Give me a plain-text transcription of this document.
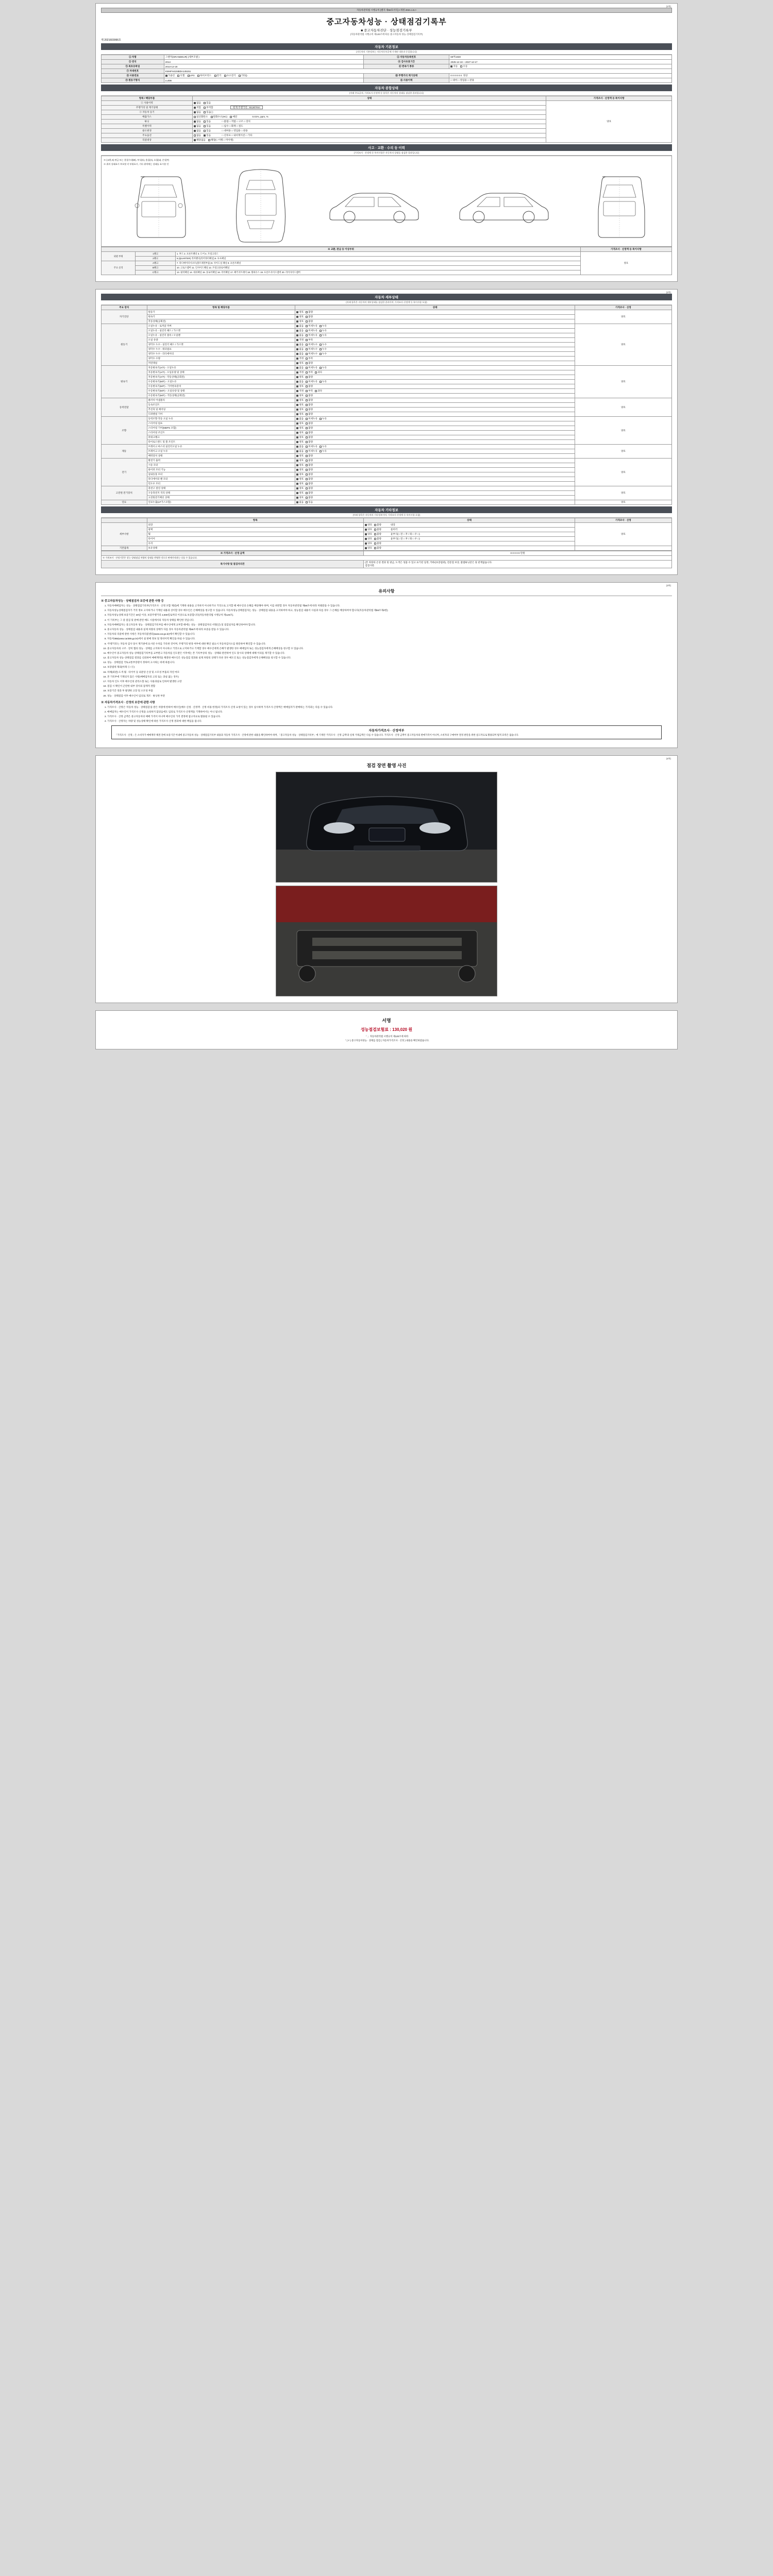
자동차관리법 시행규칙 [별지 제82호서식] <개정 2021.1.5.>
(1쪽)
중고자동차성능 · 상태점검기록부
■ 중고자동차진단 · 성능점검기록부
(자동차관리법 시행규칙 제120조에 따른 중고자동차 성능·상태점검기록부)
제 2021603066호
자동차 기본정보
(자동차의 기본정보는 자동차등록증에 기재된 내용과 동일합니다)
① 차명	그랜저(GRANDEUR) (세부모델 )	② 자동차등록번호	69머1930
③ 연식	2014	④ 검사유효기간	2025-12-18 ~ 2027-12-17
⑤ 최초등록일	2013-12-18	⑥ 변속기 종류	자동 수동
⑦ 차대번호	KMHFH41NBDA145151		
⑧ 사용연료	가솔린 디젤 LPG 하이브리드 전기 수소전기 기타()	⑩ 주행거리 계기상태	0 0 0 0 0 0 정상
⑨ 원동기형식	LUDB	⑪ 사용이력	□ 대여 □ 영업용 □ 관용
자동차 종합상태
(아래 주요골격, 가격조사·산정액 등 항목은 자동차의 상태를 점검한 결과입니다)
항목 / 해당부품	상태	가격조사 · 산정액 등 특이사항
① 사용이력	없음 있음	양호
주행거리 및 계기상태	적합 부적합 현재 주행거리 : 93,507Km	
② 자동차 등기	없음 있음( )	
배출가스	일산화탄소 탄화수소(HC) 매연 0.01%, ppm, %	
튜닝	없음 있음 □ 불법 □ 적법 □ 구조 □ 장치	
특별이력	없음 있음 □ 침수 □ 화재 □ 절도	
용도변경	없음 있음 □ 대여용 □ 영업용 □ 관용	
주요옵션	없음 있음 □ 선루프 □ 내비게이션 □ 기타	
리콜대상	해당없음 해당(□ 이행 □ 미이행)	
사고 · 교환 · 수리 등 이력
(가격조사 · 산정액 등 특이사항은 자동차의 상태를 점검한 결과입니다)
※ (교환,X) 판금 또는 용접수리(W), 부식(C), 흠집(A), 요철(U), 손상(T)
※ 위의 상태표시 부호별 각 부위표시, 기타 위치에는 상태를 표시할 것
※ 교환, 판금 등 이상부위			가격조사 · 산정액 등 특이사항
외판 부위	1랭크	1. 후드 2. 프론트팬더 3. 도어 4. 트렁크리드	양호
	2랭크	5.(QUARTER) 리어펜더(리어쿼터패널) 6. 루프패널	
주요 골격	A랭크	7. 라디에이터서포트(볼트체결부품) 8. 사이드실 패널 9. 프론트패널	
	B랭크	10. 크로스멤버 11. 인사이드패널 12. 트렁크플로어패널	
	C랭크	13. 필러패널 14. 대쉬패널 15. 플로어패널 16. 리어패널 17. 패키지트레이 18. 휠하우스 19. 프론트사이드멤버 20. 리어사이드멤버	
(2쪽)
자동차 세부상태
(아래 항목은 자동차의 세부상태를 점검한 결과이며, 가격조사·산정액 등 특이사항 포함)
주요 장치	항목 및 해당부품	상태	가격조사 · 산정
자기진단	원동기	양호 불량	양호
	변속기	양호 불량	
	작동상태(공회전)	양호 불량	
원동기	오일누유 - 로커암 커버	없음 미세누유 누유	양호
	오일누유 - 실린더 헤드 / 가스켓	없음 미세누유 누유	
	오일누유 - 실린더 블록 / 오일팬	없음 미세누유 누유	
	오일 유량	적정 부족	
	냉각수 누수 - 실린더 헤드 / 가스켓	없음 미세누수 누수	
	냉각수 누수 - 워터펌프	없음 미세누수 누수	
	냉각수 누수 - 라디에이터	없음 미세누수 누수	
	냉각수 수량	적정 부족	
	커먼레일	양호 불량	
변속기	자동변속기(A/T) - 오일누유	없음 미세누유 누유	양호
	자동변속기(A/T) - 오일유량 및 상태	적정 부족 과다	
	자동변속기(A/T) - 작동상태(공회전)	양호 불량	
	수동변속기(M/T) - 오일누유	없음 미세누유 누유	
	수동변속기(M/T) - 기어변속장치	양호 불량	
	수동변속기(M/T) - 오일유량 및 상태	적정 부족 과다	
	수동변속기(M/T) - 작동상태(공회전)	양호 불량	
동력전달	클러치 어셈블리	양호 불량	양호
	등속조인트	양호 불량	
	추진축 및 베어링	양호 불량	
	디퍼렌셜 기어	양호 불량	
조향	동력조향 작동 오일 누유	없음 미세누유 누유	양호
	스티어링 펌프	양호 불량	
	스티어링 기어(MDPS 포함)	양호 불량	
	스티어링 조인트	양호 불량	
	파워크랭크	양호 불량	
	타이로드엔드 및 볼 조인트	양호 불량	
제동	브레이크 마스터 실린더오일 누유	없음 미세누유 누유	양호
	브레이크 오일 누유	없음 미세누유 누유	
	배력장치 상태	양호 불량	
전기	발전기 출력	양호 불량	양호
	시동 모터	양호 불량	
	와이퍼 모터 기능	양호 불량	
	실내송풍 모터	양호 불량	
	라디에이터 팬 모터	양호 불량	
	윈도우 모터	양호 불량	
고전원 전기장치	충전구 절연 상태	양호 불량	양호
	구동축전지 격리 상태	양호 불량	
	고전원전기배선 상태	양호 불량	
연료	연료누출(LP가스포함)	없음 있음	양호
자동차 기타정보
(아래 항목은 자동차의 기타정보이며, 가격조사·산정액 등 특이사항 포함)
	항목	상태	가격조사 · 산정
세부사항	외장	양호 불량 내장	양호
	광택	양호 불량 룸미러	
	휠	양호 불량 윤부식(□ 전 □ 후 / 좌 □ 우 □)	
	타이어	양호 불량 윤부식(□ 전 □ 후 / 좌 □ 우 □)	
	유리	양호 불량	
기본품목	보유상태	양호 불량	
※ 가격조사 · 산정 금액	0 0 0 0 0 만원
※ 가격조사 · 산정기준은 성능·상태점검 차량의 상태를 반영한 것으로 판매가격과는 다를 수 있습니다.	
특기사항 및 점검자의견	(본 차량의 손상 결과 및 판금, 도색은 성품 수 있고 표기된 일정, 카바/(보증범위), 전문점 보상, 불법튜닝같은 당 관계없습니다.
검점사항.
(3쪽)
유의사항
※ 중고자동차성능 · 상태점검자 보증에 관한 사항 등
1. 자동차매매업자는 성능 · 상태점검기록부(가격조사 · 산정 포함 제외)에 기재한 내용을 고지하지 아니하거나 거짓으로 고지할 때 매수인의 손해를 배상해야 하며, 이를 위반할 경우 자동차관리법 제58조에 따라 처벌받을 수 있습니다.
2. 자동차성능상태점검자가 거짓 정보 고지하거나 기재된 내용과 상이할 경우 매수인은 손해배상을 청구할 수 있습니다. 자동차성능상태점검자는 성능 · 상태점검 내용을 고지하여야 하고, 성능점검 내용이 사실과 다를 경우 그 손해를 배상하여야 합니다(자동차관리법 제58조제4항).
3. 자동차성능상태 보증기간은 30일 이상, 보증주행거리 2,000킬로미터 이상으로 보증합니다(자동차관리법 시행규칙 제120조).
4. 이 기록부는 그 중 점검 및 판매 관련 매도 시점에서의 자동차 상태를 확인한 것입니다.
5. 자동차매매업자는 중고자동차 성능 · 상태점검기록부를 매수인에게 교부할 때에는 성능 · 상태점검자의 서명(인) 및 점검일자를 확인하여야 합니다.
6. 중고자동차 성능 · 상태점검 내용과 실제 차량의 상태가 다를 경우 자동차관리법 제58조에 따라 보증을 받을 수 있습니다.
7. 자동차의 리콜에 관한 사항은 자동차리콜센터(www.car.go.kr)에서 확인할 수 있습니다.
8. 자동차365(www.car365.go.kr)에서 실 판매 정보 및 정비이력 확인을 하실 수 있습니다.
9. '주행거리'는 자동차 검사 당시 계기판에 표시된 수치를 기록한 것이며, 주행거리 변경 여부에 대한 확인 필요시 자동차검사소를 방문하여 확인할 수 있습니다.
10. 중고자동차의 구조 · 장치 협의 성능 · 상태를 고지하지 아니하고 거짓으로 고지하거나 기재할 경우 매수인에게 손해가 발생한 경우 매매업자 또는 성능점검자에게 손해배상을 청구할 수 있습니다.
11. 매수인이 중고자동차 성능·상태점검기록부를 교부받고 자동차를 인도받은 이후에는 본 기록부상의 성능 · 상태와 관련하여 인도 당시의 상태에 대해 이의를 제기할 수 있습니다.
12. 중고자동차 성능·상태점검 결과를 신뢰하여 매매계약을 체결한 매수인은 성능점검 결과와 실제 차량의 상태가 다른 경우 매도인 또는 성능점검자에게 손해배상을 청구할 수 있습니다.
13. 성능 · 상태점검 국토교통부장관이 정하여 고시하는 바에 따릅니다.
14. 보증범위 제외(아래 ①~③)
15. 차체(외판)·도색·휠 · 타이어 등 외관상 손상 및 소모성 부품의 자연 마모
16. 본 기록부에 기재되지 않은 사항(매매업자의 고의 또는 과실 없는 경우)
17. 자동차 인도 이후 매수인의 관리소홀 또는 사용과실로 인하여 발생한 고장
18. 점검 시 확인이 곤란한 내부 장치의 잠재적 결함
19. 보증기간 경과 후 발생한 고장 및 소모성 부품
20. 성능 · 상태점검 이후 매수인이 임의로 개조 · 튜닝한 부분
※ 자동차가격조사 · 산정의 보증에 관한 사항
1. 가격조사 · 산정은 '자동차 성능 · 상태점검'을 받은 차량에 한하여 매수인(매수 신청 · 산정액 · 산정 비용 한정)의 가격조사·산정 요청이 있는 경우 실시하며 가격조사·산정액은 매매업자가 판매하는 가격과는 다를 수 있습니다.
2. 매매업자는 매수인이 가격조사·산정을 요청하지 않았음에도 임의로 가격조사·산정액을 기재하여서는 아니 됩니다.
3. 가격조사 · 산정 금액은 중고자동차의 매매 가격이 아니며 매수인의 가격 결정에 참고자료로 활용될 수 있습니다.
4. 가격조사 · 산정자는 차량 및 성능상태 확인에 따른 가격조사·산정 결과에 대한 책임을 집니다.
자동차가격조사 · 산정여부
「가격조사 · 산정」은 소비자가 매매계약 체결 전에 보증기간 이내에 중고자동차 성능 · 상태점검기록부 내용과 자동차 가격조사 · 산정에 관한 내용을 확인하여야 하며, 「중고자동차 성능 · 상태점검기록부」에 기재된 '가격조사 · 산정 금액'과 실제 거래금액은 다를 수 있습니다. 가격조사 · 산정 금액이 중고자동차의 판매가격이 아니며, 소비자의 구매여부 결정 판단을 위한 참고자료로 활용되며 법적 효력은 없습니다.
(4쪽)
점검 장면 촬영 사진
서명
성능점검보험료 : 130,020 원
「 」자동차관리법 시행규칙 제120조에 따라
「 ( Y ) 중고자동차성능 · 상태를 점검 ( 자동차가격조사 · 산정 ) 내용을 확인하였습니다.
